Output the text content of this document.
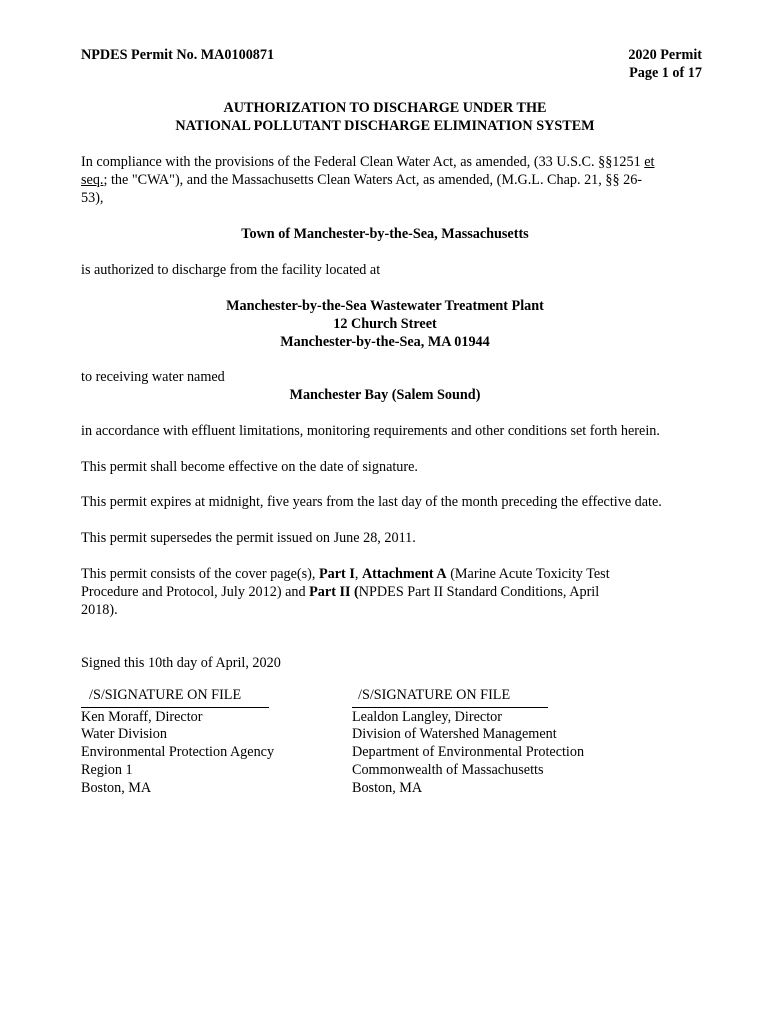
NPDES Permit No. MA0100871	2020 Permit
Page 1 of 17
AUTHORIZATION TO DISCHARGE UNDER THE
NATIONAL POLLUTANT DISCHARGE ELIMINATION SYSTEM
In compliance with the provisions of the Federal Clean Water Act, as amended, (33 U.S.C. §§1251 et
seq.; the "CWA"), and the Massachusetts Clean Waters Act, as amended, (M.G.L. Chap. 21, §§ 26-
53),
Town of Manchester-by-the-Sea, Massachusetts
is authorized to discharge from the facility located at
Manchester-by-the-Sea Wastewater Treatment Plant
12 Church Street
Manchester-by-the-Sea, MA 01944
to receiving water named
Manchester Bay (Salem Sound)
in accordance with effluent limitations, monitoring requirements and other conditions set forth herein.
This permit shall become effective on the date of signature.
This permit expires at midnight, five years from the last day of the month preceding the effective date.
This permit supersedes the permit issued on June 28, 2011.
This permit consists of the cover page(s), Part I, Attachment A (Marine Acute Toxicity Test
Procedure and Protocol, July 2012) and Part II (NPDES Part II Standard Conditions, April
2018).
Signed this 10th day of April, 2020
/S/SIGNATURE ON FILE
Ken Moraff, Director
Water Division
Environmental Protection Agency
Region 1
Boston, MA
/S/SIGNATURE ON FILE
Lealdon Langley, Director
Division of Watershed Management
Department of Environmental Protection
Commonwealth of Massachusetts
Boston, MA
